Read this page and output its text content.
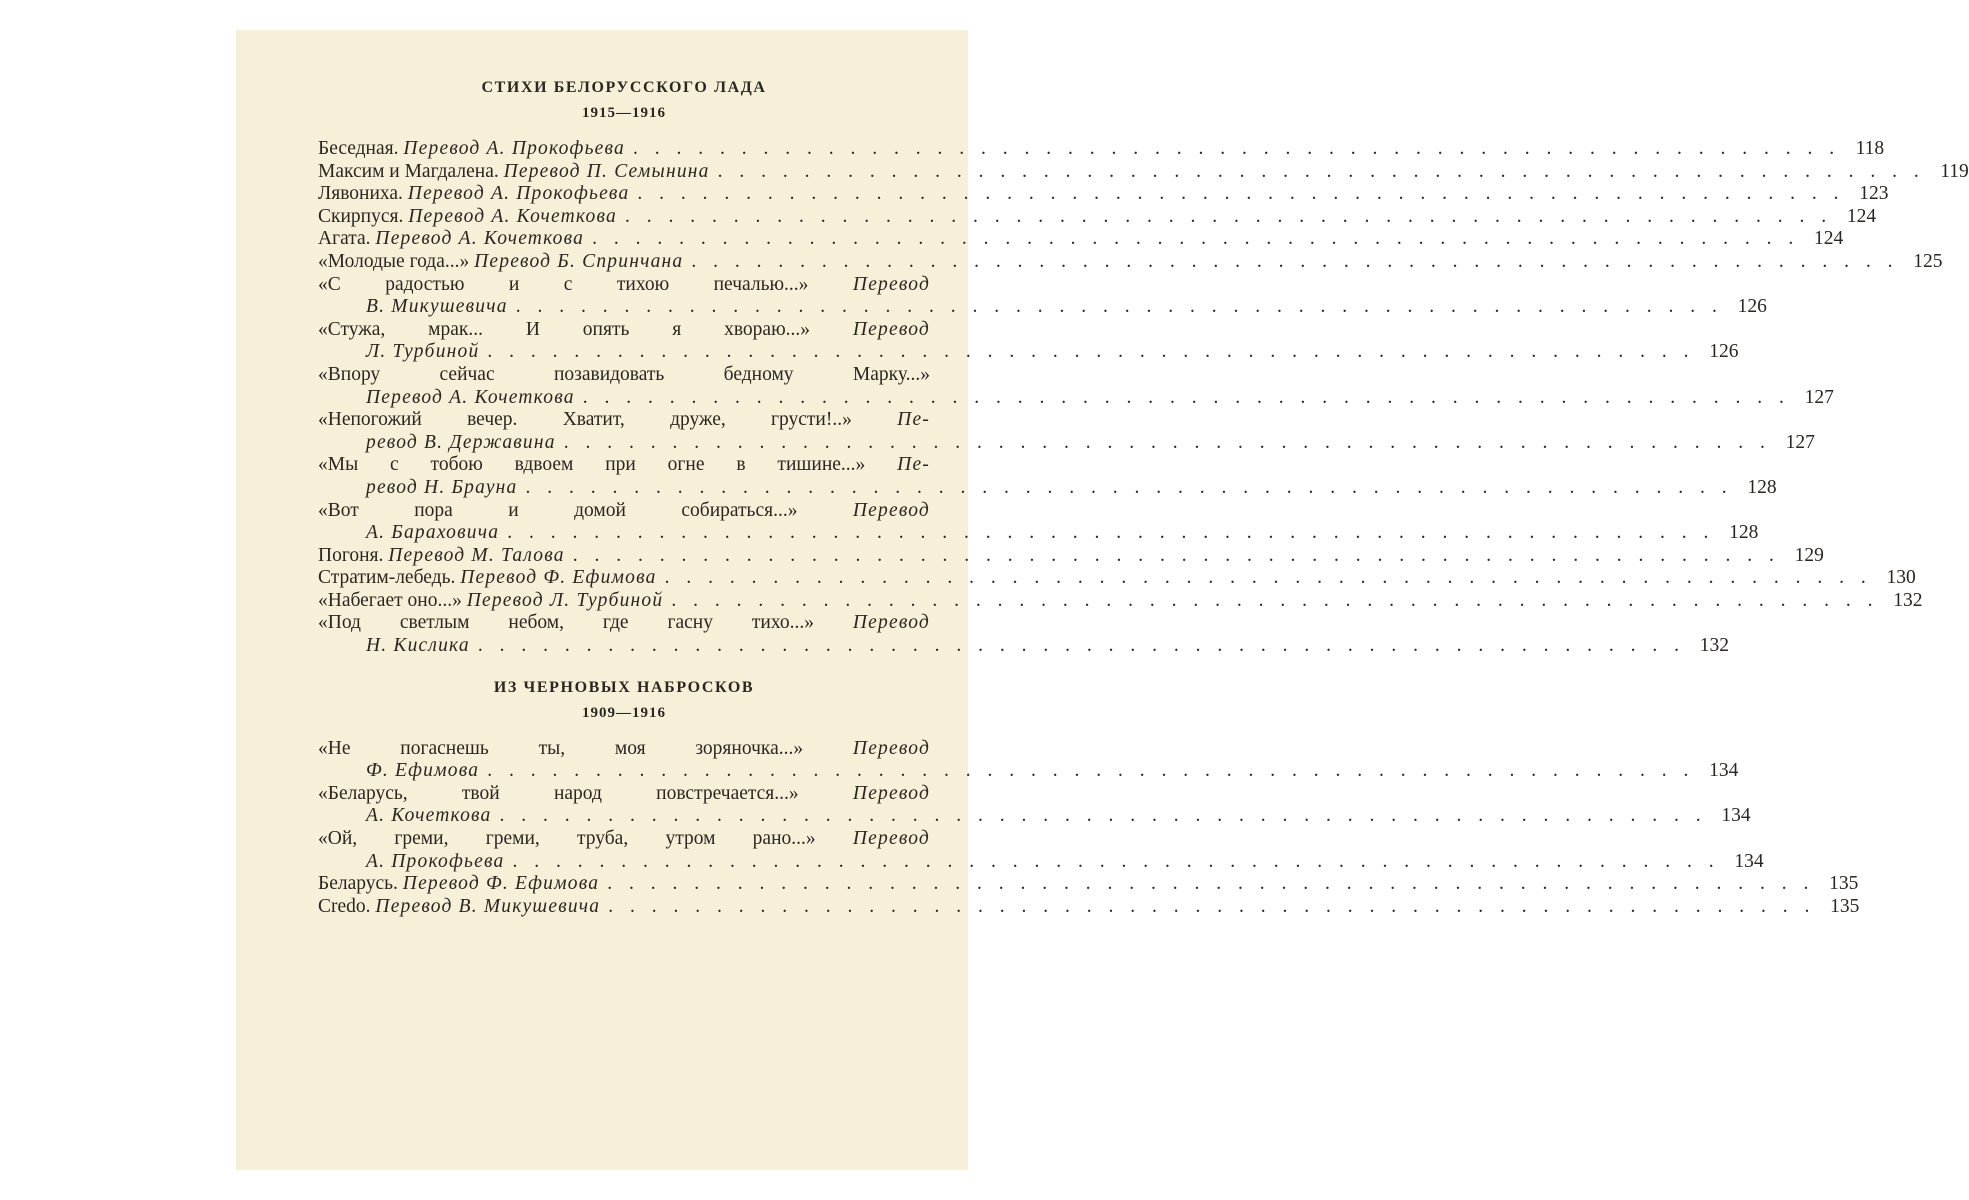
СТИХИ БЕЛОРУССКОГО ЛАДА
1915—1916
Беседная. Перевод А. Прокофьева . . . . . . . . . . . . . . . . . . . . . . . . . . . . . . . . . . . . . . . . . . . . . . . . . . . . . . . . 118
Максим и Магдалена. Перевод П. Семынина . . . . . . . . . . . . . . . . . . . . . . . . . . . . . . . . . . . . . . . . . . . . . . . . . . . . . . . . 119
Лявониха. Перевод А. Прокофьева . . . . . . . . . . . . . . . . . . . . . . . . . . . . . . . . . . . . . . . . . . . . . . . . . . . . . . . . 123
Скирпуся. Перевод А. Кочеткова . . . . . . . . . . . . . . . . . . . . . . . . . . . . . . . . . . . . . . . . . . . . . . . . . . . . . . . . 124
Агата. Перевод А. Кочеткова . . . . . . . . . . . . . . . . . . . . . . . . . . . . . . . . . . . . . . . . . . . . . . . . . . . . . . . . 124
«Молодые года...» Перевод Б. Спринчана . . . . . . . . . . . . . . . . . . . . . . . . . . . . . . . . . . . . . . . . . . . . . . . . . . . . . . . . 125
«С радостью и с тихою печалью...» Перевод
В. Микушевича . . . . . . . . . . . . . . . . . . . . . . . . . . . . . . . . . . . . . . . . . . . . . . . . . . . . . . . . 126
«Стужа, мрак... И опять я хвораю...» Перевод
Л. Турбиной . . . . . . . . . . . . . . . . . . . . . . . . . . . . . . . . . . . . . . . . . . . . . . . . . . . . . . . . 126
«Впору сейчас позавидовать бедному Марку...»
Перевод А. Кочеткова . . . . . . . . . . . . . . . . . . . . . . . . . . . . . . . . . . . . . . . . . . . . . . . . . . . . . . . . 127
«Непогожий вечер. Хватит, друже, грусти!..» Пе-
ревод В. Державина . . . . . . . . . . . . . . . . . . . . . . . . . . . . . . . . . . . . . . . . . . . . . . . . . . . . . . . . 127
«Мы с тобою вдвоем при огне в тишине...» Пе-
ревод Н. Брауна . . . . . . . . . . . . . . . . . . . . . . . . . . . . . . . . . . . . . . . . . . . . . . . . . . . . . . . . 128
«Вот пора и домой собираться...»	Перевод
А. Бараховича . . . . . . . . . . . . . . . . . . . . . . . . . . . . . . . . . . . . . . . . . . . . . . . . . . . . . . . . 128
Погоня. Перевод М. Талова . . . . . . . . . . . . . . . . . . . . . . . . . . . . . . . . . . . . . . . . . . . . . . . . . . . . . . . . 129
Стратим-лебедь. Перевод Ф. Ефимова . . . . . . . . . . . . . . . . . . . . . . . . . . . . . . . . . . . . . . . . . . . . . . . . . . . . . . . . 130
«Набегает оно...» Перевод Л. Турбиной . . . . . . . . . . . . . . . . . . . . . . . . . . . . . . . . . . . . . . . . . . . . . . . . . . . . . . . . 132
«Под светлым небом, где гасну тихо...» Перевод
Н. Кислика . . . . . . . . . . . . . . . . . . . . . . . . . . . . . . . . . . . . . . . . . . . . . . . . . . . . . . . . 132
ИЗ ЧЕРНОВЫХ НАБРОСКОВ
1909—1916
«Не погаснешь ты, моя зоряночка...»	Перевод
Ф. Ефимова . . . . . . . . . . . . . . . . . . . . . . . . . . . . . . . . . . . . . . . . . . . . . . . . . . . . . . . . 134
«Беларусь, твой народ повстречается...»	Перевод
А. Кочеткова . . . . . . . . . . . . . . . . . . . . . . . . . . . . . . . . . . . . . . . . . . . . . . . . . . . . . . . . 134
«Ой, греми, греми, труба, утром рано...» Перевод
А. Прокофьева . . . . . . . . . . . . . . . . . . . . . . . . . . . . . . . . . . . . . . . . . . . . . . . . . . . . . . . . 134
Беларусь. Перевод Ф. Ефимова . . . . . . . . . . . . . . . . . . . . . . . . . . . . . . . . . . . . . . . . . . . . . . . . . . . . . . . . 135
Credo. Перевод В. Микушевича . . . . . . . . . . . . . . . . . . . . . . . . . . . . . . . . . . . . . . . . . . . . . . . . . . . . . . . . 135
